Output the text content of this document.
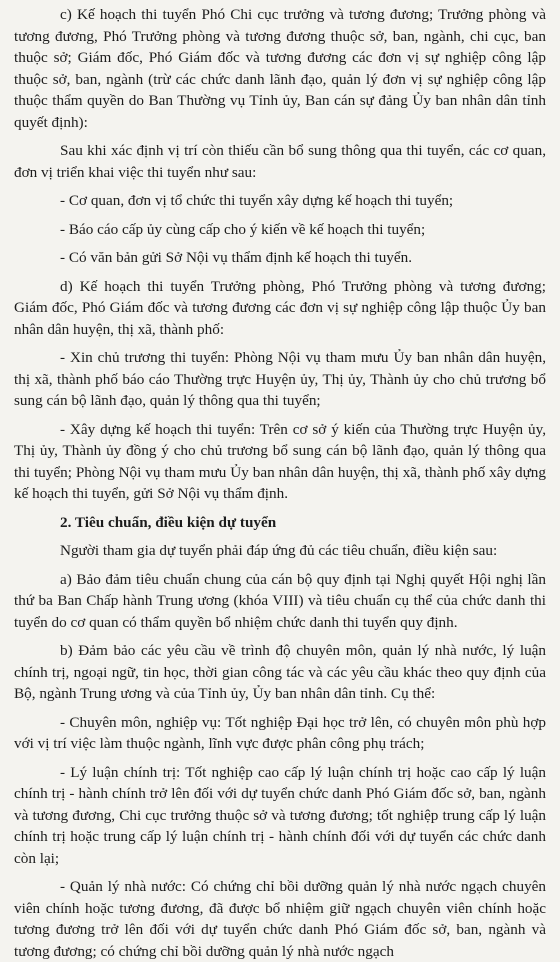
c) Kế hoạch thi tuyển Phó Chi cục trưởng và tương đương; Trưởng phòng và tương đương, Phó Trưởng phòng và tương đương thuộc sở, ban, ngành, chi cục, ban thuộc sở; Giám đốc, Phó Giám đốc và tương đương các đơn vị sự nghiệp công lập thuộc sở, ban, ngành (trừ các chức danh lãnh đạo, quản lý đơn vị sự nghiệp công lập thuộc thẩm quyền do Ban Thường vụ Tỉnh ủy, Ban cán sự đảng Ủy ban nhân dân tỉnh quyết định):

Sau khi xác định vị trí còn thiếu cần bổ sung thông qua thi tuyển, các cơ quan, đơn vị triển khai việc thi tuyển như sau:

- Cơ quan, đơn vị tổ chức thi tuyển xây dựng kế hoạch thi tuyển;

- Báo cáo cấp ủy cùng cấp cho ý kiến về kế hoạch thi tuyển;

- Có văn bản gửi Sở Nội vụ thẩm định kế hoạch thi tuyển.

d) Kế hoạch thi tuyển Trưởng phòng, Phó Trưởng phòng và tương đương; Giám đốc, Phó Giám đốc và tương đương các đơn vị sự nghiệp công lập thuộc Ủy ban nhân dân huyện, thị xã, thành phố:

- Xin chủ trương thi tuyển: Phòng Nội vụ tham mưu Ủy ban nhân dân huyện, thị xã, thành phố báo cáo Thường trực Huyện ủy, Thị ủy, Thành ủy cho chủ trương bổ sung cán bộ lãnh đạo, quản lý thông qua thi tuyển;

- Xây dựng kế hoạch thi tuyển: Trên cơ sở ý kiến của Thường trực Huyện ủy, Thị ủy, Thành ủy đồng ý cho chủ trương bổ sung cán bộ lãnh đạo, quản lý thông qua thi tuyển; Phòng Nội vụ tham mưu Ủy ban nhân dân huyện, thị xã, thành phố xây dựng kế hoạch thi tuyển, gửi Sở Nội vụ thẩm định.

2. Tiêu chuẩn, điều kiện dự tuyển

Người tham gia dự tuyển phải đáp ứng đủ các tiêu chuẩn, điều kiện sau:

a) Bảo đảm tiêu chuẩn chung của cán bộ quy định tại Nghị quyết Hội nghị lần thứ ba Ban Chấp hành Trung ương (khóa VIII) và tiêu chuẩn cụ thể của chức danh thi tuyển do cơ quan có thẩm quyền bổ nhiệm chức danh thi tuyển quy định.

b) Đảm bảo các yêu cầu về trình độ chuyên môn, quản lý nhà nước, lý luận chính trị, ngoại ngữ, tin học, thời gian công tác và các yêu cầu khác theo quy định của Bộ, ngành Trung ương và của Tỉnh ủy, Ủy ban nhân dân tỉnh. Cụ thể:

- Chuyên môn, nghiệp vụ: Tốt nghiệp Đại học trở lên, có chuyên môn phù hợp với vị trí việc làm thuộc ngành, lĩnh vực được phân công phụ trách;

- Lý luận chính trị: Tốt nghiệp cao cấp lý luận chính trị hoặc cao cấp lý luận chính trị - hành chính trở lên đối với dự tuyển chức danh Phó Giám đốc sở, ban, ngành và tương đương, Chi cục trưởng thuộc sở và tương đương; tốt nghiệp trung cấp lý luận chính trị hoặc trung cấp lý luận chính trị - hành chính đối với dự tuyển các chức danh còn lại;

- Quản lý nhà nước: Có chứng chỉ bồi dưỡng quản lý nhà nước ngạch chuyên viên chính hoặc tương đương, đã được bổ nhiệm giữ ngạch chuyên viên chính hoặc tương đương trở lên đối với dự tuyển chức danh Phó Giám đốc sở, ban, ngành và tương đương; có chứng chỉ bồi dưỡng quản lý nhà nước ngạch
